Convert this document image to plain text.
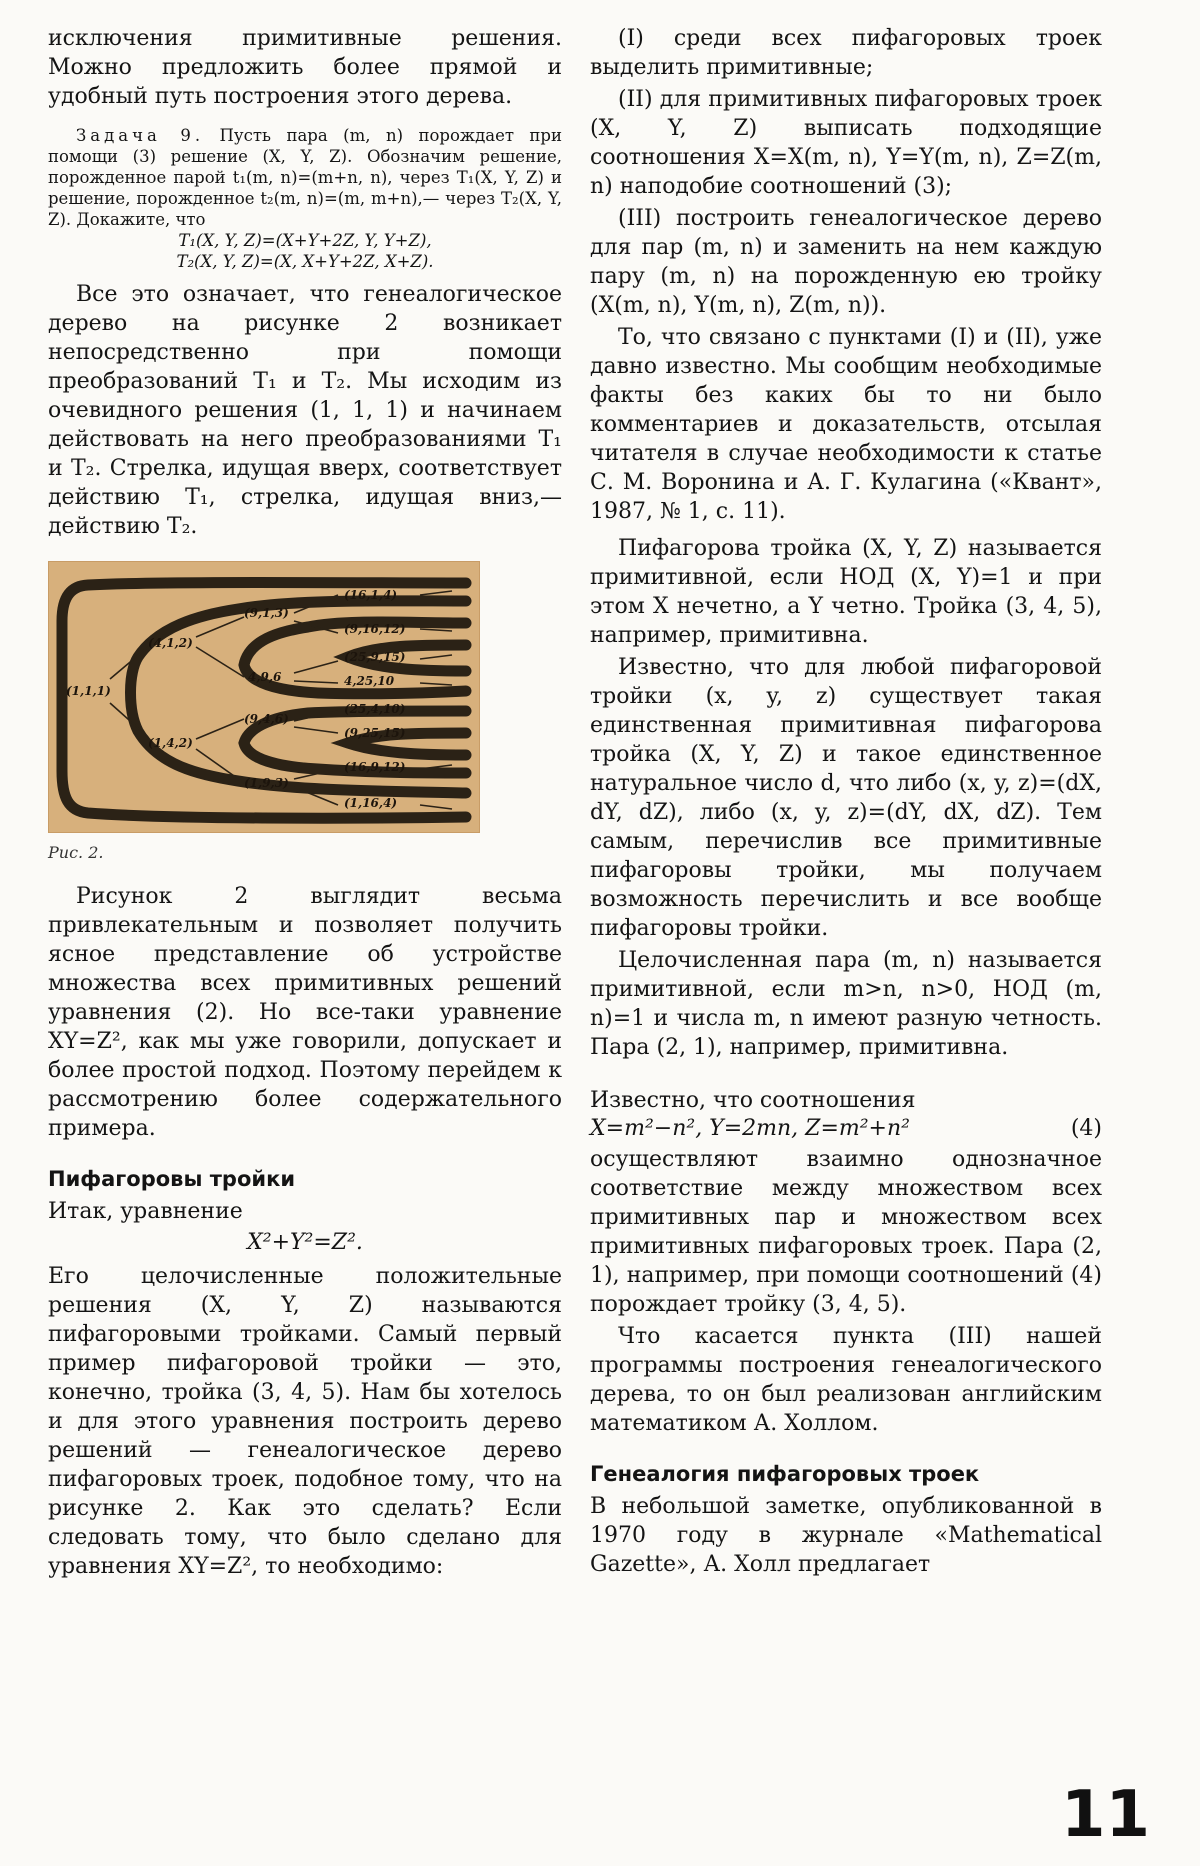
исключения примитивные решения. Можно предложить более прямой и удобный путь построения этого дерева.

Задача 9. Пусть пара (m, n) порождает при помощи (3) решение (X, Y, Z). Обозначим решение, порожденное парой t₁(m, n)=(m+n, n), через T₁(X, Y, Z) и решение, порожденное t₂(m, n)=(m, m+n),— через T₂(X, Y, Z). Докажите, что

T₁(X, Y, Z)=(X+Y+2Z, Y, Y+Z),
T₂(X, Y, Z)=(X, X+Y+2Z, X+Z).

Все это означает, что генеалогическое дерево на рисунке 2 возникает непосредственно при помощи преобразований T₁ и T₂. Мы исходим из очевидного решения (1, 1, 1) и начинаем действовать на него преобразованиями T₁ и T₂. Стрелка, идущая вверх, соответствует действию T₁, стрелка, идущая вниз,— действию T₂.

(1,1,1)
(4,1,2)
(1,4,2)
(9,1,3)
4,9,6
(9,4,6)
(1,9,3)
(16,1,4)
(9,16,12)
(25,9,15)
4,25,10
(25,4,10)
(9,25,15)
(16,9,12)
(1,16,4)
Рис. 2.

Рисунок 2 выглядит весьма привлекательным и позволяет получить ясное представление об устройстве множества всех примитивных решений уравнения (2). Но все-таки уравнение XY=Z², как мы уже говорили, допускает и более простой подход. Поэтому перейдем к рассмотрению более содержательного примера.

Пифагоровы тройки

Итак, уравнение

X²+Y²=Z².

Его целочисленные положительные решения (X, Y, Z) называются пифагоровыми тройками. Самый первый пример пифагоровой тройки — это, конечно, тройка (3, 4, 5). Нам бы хотелось и для этого уравнения построить дерево решений — генеалогическое дерево пифагоровых троек, подобное тому, что на рисунке 2. Как это сделать? Если следовать тому, что было сделано для уравнения XY=Z², то необходимо:

(I) среди всех пифагоровых троек выделить примитивные;

(II) для примитивных пифагоровых троек (X, Y, Z) выписать подходящие соотношения X=X(m, n), Y=Y(m, n), Z=Z(m, n) наподобие соотношений (3);

(III) построить генеалогическое дерево для пар (m, n) и заменить на нем каждую пару (m, n) на порожденную ею тройку (X(m, n), Y(m, n), Z(m, n)).

То, что связано с пунктами (I) и (II), уже давно известно. Мы сообщим необходимые факты без каких бы то ни было комментариев и доказательств, отсылая читателя в случае необходимости к статье С. М. Воронина и А. Г. Кулагина («Квант», 1987, № 1, с. 11).

Пифагорова тройка (X, Y, Z) называется примитивной, если НОД (X, Y)=1 и при этом X нечетно, а Y четно. Тройка (3, 4, 5), например, примитивна.

Известно, что для любой пифагоровой тройки (x, y, z) существует такая единственная примитивная пифагорова тройка (X, Y, Z) и такое единственное натуральное число d, что либо (x, y, z)=(dX, dY, dZ), либо (x, y, z)=(dY, dX, dZ). Тем самым, перечислив все примитивные пифагоровы тройки, мы получаем возможность перечислить и все вообще пифагоровы тройки.

Целочисленная пара (m, n) называется примитивной, если m>n, n>0, НОД (m, n)=1 и числа m, n имеют разную четность. Пара (2, 1), например, примитивна.

Известно, что соотношения

X=m²−n², Y=2mn, Z=m²+n²	(4)

осуществляют взаимно однозначное соответствие между множеством всех примитивных пар и множеством всех примитивных пифагоровых троек. Пара (2, 1), например, при помощи соотношений (4) порождает тройку (3, 4, 5).

Что касается пункта (III) нашей программы построения генеалогического дерева, то он был реализован английским математиком А. Холлом.

Генеалогия пифагоровых троек

В небольшой заметке, опубликованной в 1970 году в журнале «Mathematical Gazette», А. Холл предлагает

11
